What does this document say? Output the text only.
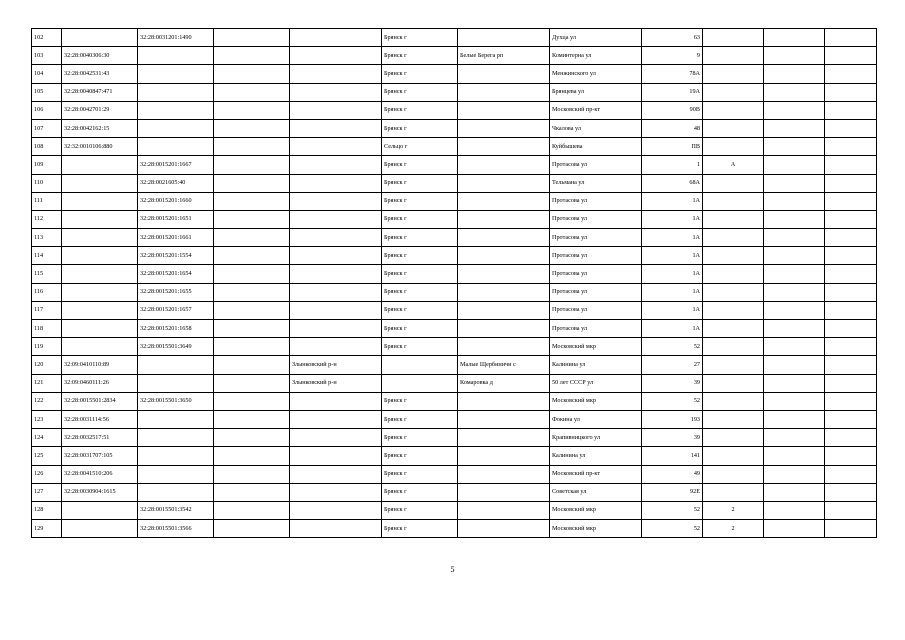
102		32:28:0031201:1490			Брянск г		Духца ул	63			
103	32:28:0040306:30				Брянск г	Белые Берега рп	Коминтерна ул	9			
104	32:28:0042531:43				Брянск г		Менжинского ул	78А			
105	32:28:0040847:471				Брянск г		Брянцева ул	19А			
106	32:28:0042701:29				Брянск г		Московский пр-кт	90В			
107	32:28:0042162:15				Брянск г		Чкалова ул	48			
108	32:32:0010106:880				Сельцо г		Куйбышева	ПВ			
109		32:28:0015201:1667			Брянск г		Протасова ул	1	А		
110		32:28:0021605:40			Брянск г		Тельмана ул	68А			
111		32:28:0015201:1660			Брянск г		Протасова ул	1А			
112		32:28:0015201:1651			Брянск г		Протасова ул	1А			
113		32:28:0015201:1661			Брянск г		Протасова ул	1А			
114		32:28:0015201:1554			Брянск г		Протасова ул	1А			
115		32:28:0015201:1654			Брянск г		Протасова ул	1А			
116		32:28:0015201:1655			Брянск г		Протасова ул	1А			
117		32:28:0015201:1657			Брянск г		Протасова ул	1А			
118		32:28:0015201:1658			Брянск г		Протасова ул	1А			
119		32:28:0015501:3649			Брянск г		Московский мкр	52			
120	32:09:0410110:89			Злынковский р-н		Малые Щербиничи с	Калинина ул	27			
121	32:09:0460111:26			Злынковский р-н		Комаровка д	50 лет СССР ул	39			
122	32:28:0015501:2834	32:28:0015501:3650			Брянск г		Московский мкр	52			
123	32:28:0031114:56				Брянск г		Фокина ул	193			
124	32:28:0032517:51				Брянск г		Крапивницкого ул	39			
125	32:28:0031707:105				Брянск г		Калинина ул	141			
126	32:28:0041510:206				Брянск г		Московский пр-кт	49			
127	32:28:0030904:1615				Брянск г		Советская ул	92Е			
128		32:28:0015501:3542			Брянск г		Московский мкр	52	2		
129		32:28:0015501:3566			Брянск г		Московский мкр	52	2		
5
